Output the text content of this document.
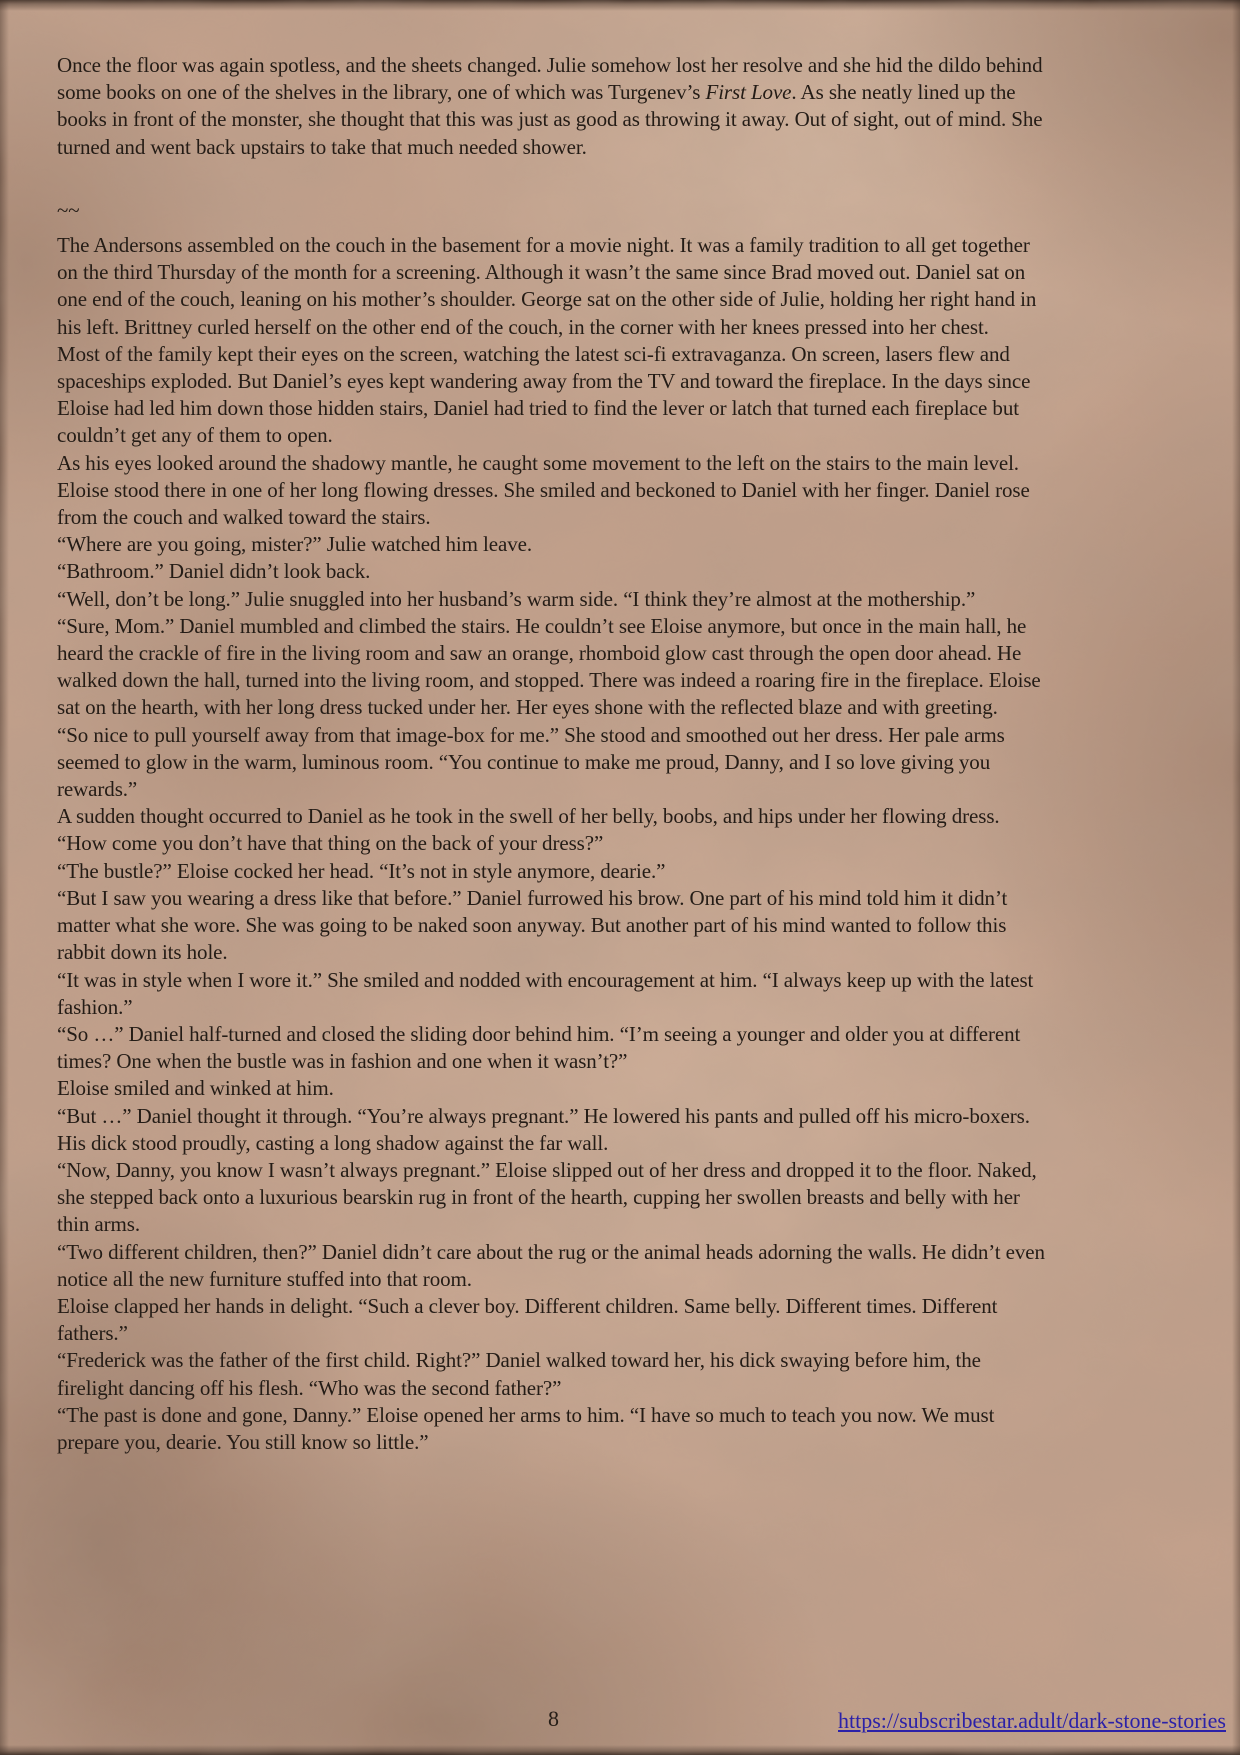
Once the floor was again spotless, and the sheets changed. Julie somehow lost her resolve and she hid the dildo behind some books on one of the shelves in the library, one of which was Turgenev’s First Love. As she neatly lined up the books in front of the monster, she thought that this was just as good as throwing it away. Out of sight, out of mind. She turned and went back upstairs to take that much needed shower.

~~

The Andersons assembled on the couch in the basement for a movie night. It was a family tradition to all get together on the third Thursday of the month for a screening. Although it wasn’t the same since Brad moved out. Daniel sat on one end of the couch, leaning on his mother’s shoulder. George sat on the other side of Julie, holding her right hand in his left. Brittney curled herself on the other end of the couch, in the corner with her knees pressed into her chest.

Most of the family kept their eyes on the screen, watching the latest sci-fi extravaganza. On screen, lasers flew and spaceships exploded. But Daniel’s eyes kept wandering away from the TV and toward the fireplace. In the days since Eloise had led him down those hidden stairs, Daniel had tried to find the lever or latch that turned each fireplace but couldn’t get any of them to open.

As his eyes looked around the shadowy mantle, he caught some movement to the left on the stairs to the main level. Eloise stood there in one of her long flowing dresses. She smiled and beckoned to Daniel with her finger. Daniel rose from the couch and walked toward the stairs.

“Where are you going, mister?” Julie watched him leave.

“Bathroom.” Daniel didn’t look back.

“Well, don’t be long.” Julie snuggled into her husband’s warm side. “I think they’re almost at the mothership.”

“Sure, Mom.” Daniel mumbled and climbed the stairs. He couldn’t see Eloise anymore, but once in the main hall, he heard the crackle of fire in the living room and saw an orange, rhomboid glow cast through the open door ahead. He walked down the hall, turned into the living room, and stopped. There was indeed a roaring fire in the fireplace. Eloise sat on the hearth, with her long dress tucked under her. Her eyes shone with the reflected blaze and with greeting.

“So nice to pull yourself away from that image-box for me.” She stood and smoothed out her dress. Her pale arms seemed to glow in the warm, luminous room. “You continue to make me proud, Danny, and I so love giving you rewards.”

A sudden thought occurred to Daniel as he took in the swell of her belly, boobs, and hips under her flowing dress. “How come you don’t have that thing on the back of your dress?”

“The bustle?” Eloise cocked her head. “It’s not in style anymore, dearie.”

“But I saw you wearing a dress like that before.” Daniel furrowed his brow. One part of his mind told him it didn’t matter what she wore. She was going to be naked soon anyway. But another part of his mind wanted to follow this rabbit down its hole.

“It was in style when I wore it.” She smiled and nodded with encouragement at him. “I always keep up with the latest fashion.”

“So …” Daniel half-turned and closed the sliding door behind him. “I’m seeing a younger and older you at different times? One when the bustle was in fashion and one when it wasn’t?”

Eloise smiled and winked at him.

“But …” Daniel thought it through. “You’re always pregnant.” He lowered his pants and pulled off his micro-boxers. His dick stood proudly, casting a long shadow against the far wall.

“Now, Danny, you know I wasn’t always pregnant.” Eloise slipped out of her dress and dropped it to the floor. Naked, she stepped back onto a luxurious bearskin rug in front of the hearth, cupping her swollen breasts and belly with her thin arms.

“Two different children, then?” Daniel didn’t care about the rug or the animal heads adorning the walls. He didn’t even notice all the new furniture stuffed into that room.

Eloise clapped her hands in delight. “Such a clever boy. Different children. Same belly. Different times. Different fathers.”

“Frederick was the father of the first child. Right?” Daniel walked toward her, his dick swaying before him, the firelight dancing off his flesh. “Who was the second father?”

“The past is done and gone, Danny.” Eloise opened her arms to him. “I have so much to teach you now. We must prepare you, dearie. You still know so little.”

8	https://subscribestar.adult/dark-stone-stories
